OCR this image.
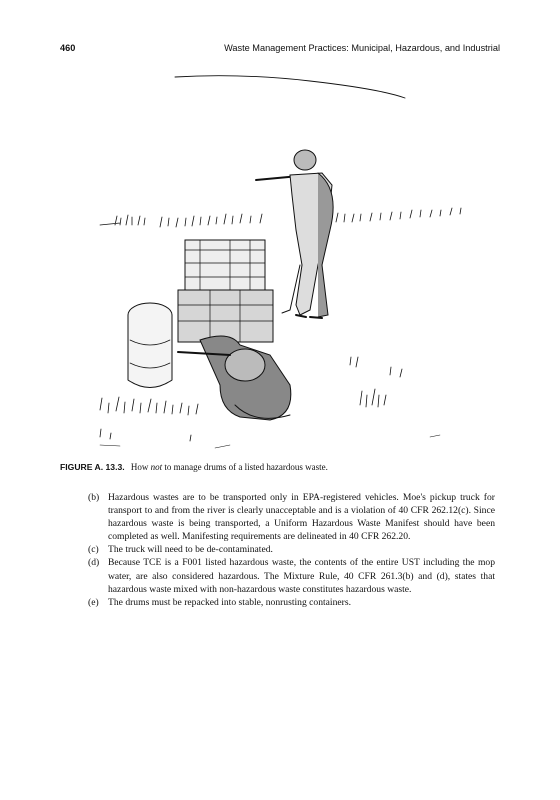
460	Waste Management Practices: Municipal, Hazardous, and Industrial
FIGURE A. 13.3. How not to manage drums of a listed hazardous waste.
(b) Hazardous wastes are to be transported only in EPA-registered vehicles. Moe's pickup truck for transport to and from the river is clearly unacceptable and is a violation of 40 CFR 262.12(c). Since hazardous waste is being transported, a Uniform Hazardous Waste Manifest should have been completed as well. Manifesting requirements are delineated in 40 CFR 262.20.
(c) The truck will need to be de-contaminated.
(d) Because TCE is a F001 listed hazardous waste, the contents of the entire UST including the mop water, are also considered hazardous. The Mixture Rule, 40 CFR 261.3(b) and (d), states that hazardous waste mixed with non-hazardous waste constitutes hazardous waste.
(e) The drums must be repacked into stable, nonrusting containers.
